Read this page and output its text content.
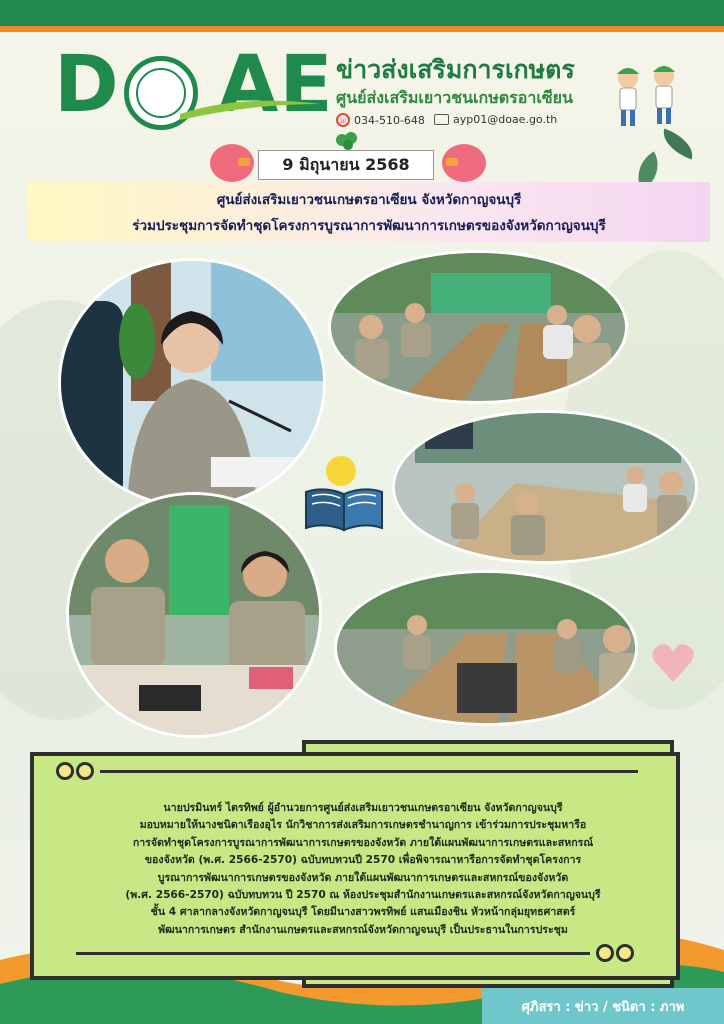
D AE ข่าวส่งเสริมการเกษตร
ศูนย์ส่งเสริมเยาวชนเกษตรอาเซียน
☏ 034-510-648	ayp01@doae.go.th
9 มิถุนายน 2568
ศูนย์ส่งเสริมเยาวชนเกษตรอาเซียน จังหวัดกาญจนบุรี
ร่วมประชุมการจัดทำชุดโครงการบูรณาการพัฒนาการเกษตรของจังหวัดกาญจนบุรี
นายปรมินทร์ ไตรทิพย์ ผู้อำนวยการศูนย์ส่งเสริมเยาวชนเกษตรอาเซียน จังหวัดกาญจนบุรี
มอบหมายให้นางชนิดาเรืองอุไร นักวิชาการส่งเสริมการเกษตรชำนาญการ เข้าร่วมการประชุมหารือ
การจัดทำชุดโครงการบูรณาการพัฒนาการเกษตรของจังหวัด ภายใต้แผนพัฒนาการเกษตรและสหกรณ์
ของจังหวัด (พ.ศ. 2566-2570) ฉบับทบทวนปี 2570 เพื่อพิจารณาหารือการจัดทำชุดโครงการ
บูรณาการพัฒนาการเกษตรของจังหวัด ภายใต้แผนพัฒนาการเกษตรและสหกรณ์ของจังหวัด
(พ.ศ. 2566-2570) ฉบับทบทวน ปี 2570 ณ ห้องประชุมสำนักงานเกษตรและสหกรณ์จังหวัดกาญจนบุรี
ชั้น 4 ศาลากลางจังหวัดกาญจนบุรี โดยมีนางสาวพรทิพย์ แสนเมืองชิน หัวหน้ากลุ่มยุทธศาสตร์
พัฒนาการเกษตร สำนักงานเกษตรและสหกรณ์จังหวัดกาญจนบุรี เป็นประธานในการประชุม
ศุภิสรา : ข่าว / ชนิตา : ภาพ
